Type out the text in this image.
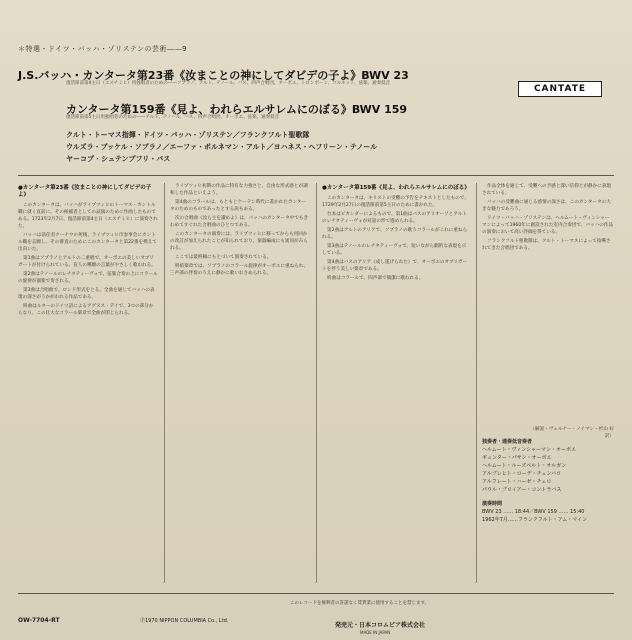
＊特選・ドイツ・バッハ・ゾリステンの芸術――9
J.S.バッハ・カンタータ第23番《汝まことの神にしてダビデの子よ》BWV 23
復活節前第4主日（エスチミヒ）用独唱者のための――ソプラノ、アルト、テノール、バス、四声合唱団、オーボエ、トロンボーン、コルネット、弦楽、通奏低音
CANTATE
カンタータ第159番《見よ、われらエルサレムにのぼる》BWV 159
復活節前第5主日用独唱者のための――アルト、テノール、バス、四声合唱団、オーボエ、弦楽、通奏低音
クルト・トーマス指揮・ドイツ・バッハ・ゾリステン／フランクフルト聖歌隊
ウルズラ・ブッケル・ソプラノ／エーファ・ボルネマン・アルト／ヨハネス・ヘフリーン・テノール
ヤーコプ・シュテンプフリ・バス
●カンタータ第23番《汝まことの神にしてダビデの子よ》

このカンタータは、バッハがライプツィヒのトーマス・カントル職に就く直前に、その候補者としての試演のために作曲したものである。1723年2月7日、復活節前第4主日（エスチミヒ）に演奏された。

バッハは前任者クーナウの死後、ライプツィヒ市参事会にカントル職を志願し、その審査のためにこのカンタータと第22番を携えて出向いた。

第1曲はソプラノとアルトの二重唱で、オーボエの美しいオブリガートが付けられている。盲人の嘆願の言葉がやさしく歌われる。

第2曲はテノールのレチタティーヴォで、弦楽合奏の上にコラールの旋律が器楽で奏される。

第3曲は合唱曲で、ロンド形式をとる。全曲を通じてバッハの表現の深さがうかがわれる作品である。

終曲はルターのドイツ語によるアグヌス・デイで、3つの部分からなり、この壮大なコラール楽章で全曲が閉じられる。

ライプツィヒ初期の作品に特有な力強さと、自由な形式感とが調和した作品といえよう。

第4曲のコラールは、もともとケーテン時代に書かれたカンタータのためのものであったとする説もある。

次の合唱曲《汝ら主を讃めよ》は、バッハのカンタータ中でもきわめてすぐれた合唱曲のひとつである。

このカンタータの演奏には、ライプツィヒに移ってからも何回かの改訂が加えられたことが知られており、楽器編成にも異同がみられる。

ここでは最終稿にもとづいて演奏されている。

終結楽章では、ソプラノのコラール旋律がオーボエに重ねられ、三声部の伴奏のうえに静かに歌いおさめられる。

●カンタータ第159番《見よ、われらエルサレムにのぼる》

このカンタータは、キリストの受難の予告をテキストとしたもので、1729年2月27日の復活節前第5主日のために書かれた。

台本はピカンダーによるもので、第1曲はバスのアリオーソとアルトのレチタティーヴォが対話の形で進められる。

第2曲はアルトのアリアで、ソプラノの歌うコラールがこれに重ねられる。

第3曲はテノールのレチタティーヴォで、短いながら劇的な表現を示している。

第4曲はバスのアリア《成し遂げられた》で、オーボエのオブリガートを伴う美しい楽章である。

終曲はコラールで、四声部で簡潔に歌われる。

作品全体を通じて、受難への予感と深い信仰とが静かに表現されている。

バッハの受難曲に通じる感情の深さは、このカンタータの大きな魅力であろう。

ドイツ・バッハ・ゾリステンは、ヘルムート・ヴィンシャーマンによって1960年に創設された室内合奏団で、バッハの作品の演奏において高い評価を得ている。

フランクフルト聖歌隊は、クルト・トーマスによって指導されてきた合唱団である。

（解説・ヴェルナー・ノイマン・杉山 好 訳）
独奏者・通奏低音奏者
ヘルムート・ヴィンシャーマン・オーボエ
ギュンター・パサン・オーボエ
ヘルムート・ルーズベルト・オルガン
アルブレヒト・ローデ・チェンバロ
アルフレート・ハーゼ・チェロ
パウル・ブロイアー・コントラバス
演奏時間
BWV 23 …… 18:44／BWV 159 …… 15:40
1962年7月……フランクフルト・アム・マイン
このレコードを権利者の許諾なく賃貸業に使用することを禁じます。
OW-7704-RT	Ⓟ1970 NIPPON COLUMBIA Co., Ltd.
発売元・日本コロムビア株式会社
MADE IN JAPAN
